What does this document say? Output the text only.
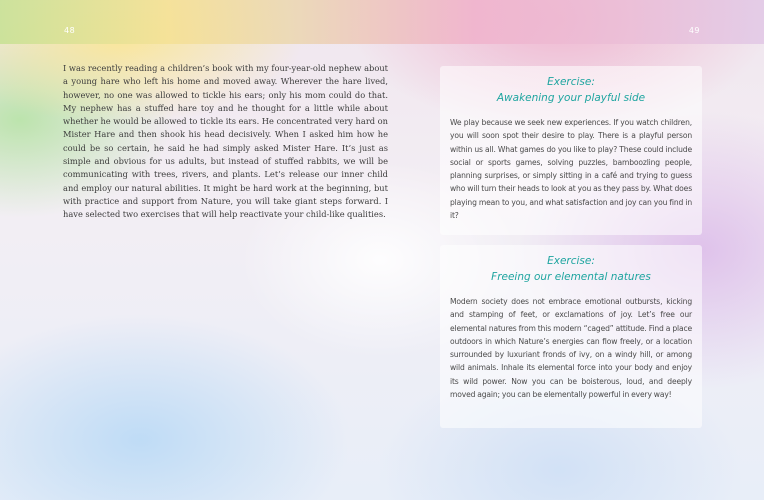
48	49

I was recently reading a children’s book with my four-year-old nephew about a young hare who left his home and moved away. Wherever the hare lived, however, no one was allowed to tickle his ears; only his mom could do that. My nephew has a stuffed hare toy and he thought for a little while about whether he would be allowed to tickle its ears. He concentrated very hard on Mister Hare and then shook his head decisively. When I asked him how he could be so certain, he said he had simply asked Mister Hare. It’s just as simple and obvious for us adults, but instead of stuffed rabbits, we will be communicating with trees, rivers, and plants. Let’s release our inner child and employ our natural abilities. It might be hard work at the beginning, but with practice and support from Nature, you will take giant steps forward. I have selected two exercises that will help reactivate your child-like qualities.

Exercise:

Awakening your playful side

We play because we seek new experiences. If you watch children, you will soon spot their desire to play. There is a playful person within us all. What games do you like to play? These could include social or sports games, solving puzzles, bamboozling people, planning surprises, or simply sitting in a café and trying to guess who will turn their heads to look at you as they pass by. What does playing mean to you, and what satisfaction and joy can you find in it?

Exercise:

Freeing our elemental natures

Modern society does not embrace emotional outbursts, kicking and stamping of feet, or exclamations of joy. Let’s free our elemental natures from this modern “caged” attitude. Find a place outdoors in which Nature’s energies can flow freely, or a location surrounded by luxuriant fronds of ivy, on a windy hill, or among wild animals. Inhale its elemental force into your body and enjoy its wild power. Now you can be boisterous, loud, and deeply moved again; you can be elementally powerful in every way!
